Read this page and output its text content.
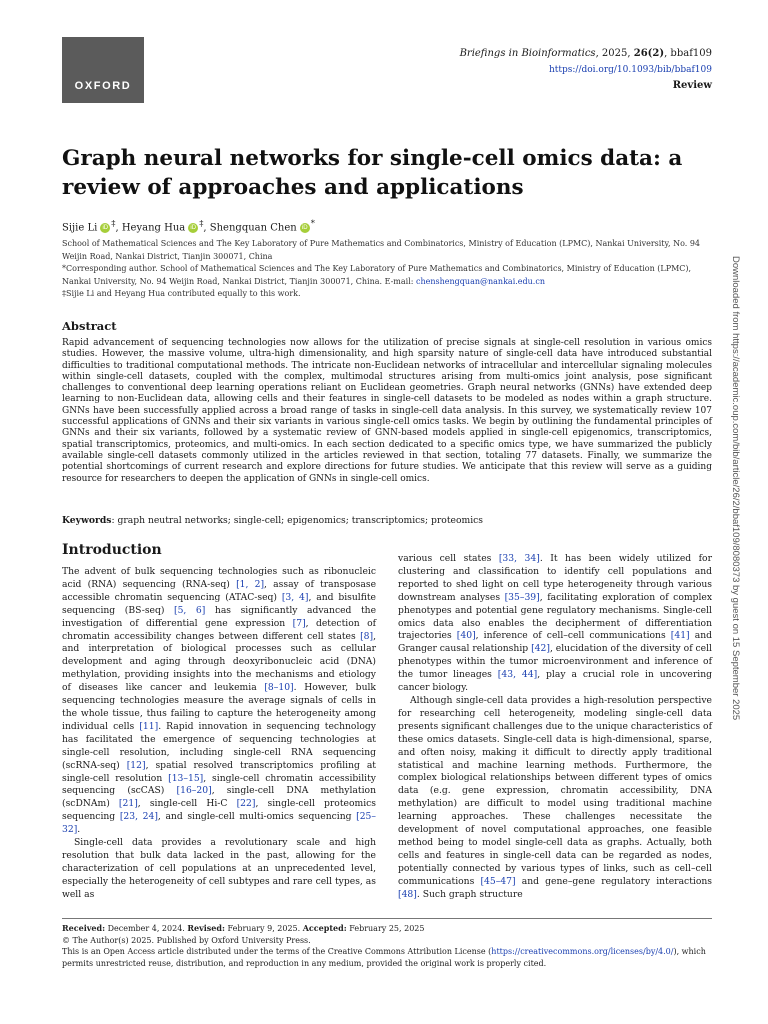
OXFORD
Briefings in Bioinformatics, 2025, 26(2), bbaf109
https://doi.org/10.1093/bib/bbaf109
Review
Graph neural networks for single-cell omics data: a review of approaches and applications
Sijie Li iD ‡, Heyang Hua iD ‡, Shengquan Chen iD *

School of Mathematical Sciences and The Key Laboratory of Pure Mathematics and Combinatorics, Ministry of Education (LPMC), Nankai University, No. 94 Weijin Road, Nankai District, Tianjin 300071, China

*Corresponding author. School of Mathematical Sciences and The Key Laboratory of Pure Mathematics and Combinatorics, Ministry of Education (LPMC), Nankai University, No. 94 Weijin Road, Nankai District, Tianjin 300071, China. E-mail: chenshengquan@nankai.edu.cn

‡Sijie Li and Heyang Hua contributed equally to this work.	Downloaded from https://academic.oup.com/bib/article/26/2/bbaf109/8080373 by guest on 15 September 2025
Abstract

Rapid advancement of sequencing technologies now allows for the utilization of precise signals at single-cell resolution in various omics studies. However, the massive volume, ultra-high dimensionality, and high sparsity nature of single-cell data have introduced substantial difficulties to traditional computational methods. The intricate non-Euclidean networks of intracellular and intercellular signaling molecules within single-cell datasets, coupled with the complex, multimodal structures arising from multi-omics joint analysis, pose significant challenges to conventional deep learning operations reliant on Euclidean geometries. Graph neural networks (GNNs) have extended deep learning to non-Euclidean data, allowing cells and their features in single-cell datasets to be modeled as nodes within a graph structure. GNNs have been successfully applied across a broad range of tasks in single-cell data analysis. In this survey, we systematically review 107 successful applications of GNNs and their six variants in various single-cell omics tasks. We begin by outlining the fundamental principles of GNNs and their six variants, followed by a systematic review of GNN-based models applied in single-cell epigenomics, transcriptomics, spatial transcriptomics, proteomics, and multi-omics. In each section dedicated to a specific omics type, we have summarized the publicly available single-cell datasets commonly utilized in the articles reviewed in that section, totaling 77 datasets. Finally, we summarize the potential shortcomings of current research and explore directions for future studies. We anticipate that this review will serve as a guiding resource for researchers to deepen the application of GNNs in single-cell omics.

Keywords: graph neutral networks; single-cell; epigenomics; transcriptomics; proteomics
Introduction

The advent of bulk sequencing technologies such as ribonucleic acid (RNA) sequencing (RNA-seq) [1, 2], assay of transposase accessible chromatin sequencing (ATAC-seq) [3, 4], and bisulfite sequencing (BS-seq) [5, 6] has significantly advanced the investigation of differential gene expression [7], detection of chromatin accessibility changes between different cell states [8], and interpretation of biological processes such as cellular development and aging through deoxyribonucleic acid (DNA) methylation, providing insights into the mechanisms and etiology of diseases like cancer and leukemia [8–10]. However, bulk sequencing technologies measure the average signals of cells in the whole tissue, thus failing to capture the heterogeneity among individual cells [11]. Rapid innovation in sequencing technology has facilitated the emergence of sequencing technologies at single-cell resolution, including single-cell RNA sequencing (scRNA-seq) [12], spatial resolved transcriptomics profiling at single-cell resolution [13–15], single-cell chromatin accessibility sequencing (scCAS) [16–20], single-cell DNA methylation (scDNAm) [21], single-cell Hi-C [22], single-cell proteomics sequencing [23, 24], and single-cell multi-omics sequencing [25–32].

Single-cell data provides a revolutionary scale and high resolution that bulk data lacked in the past, allowing for the characterization of cell populations at an unprecedented level, especially the heterogeneity of cell subtypes and rare cell types, as well as

various cell states [33, 34]. It has been widely utilized for clustering and classification to identify cell populations and reported to shed light on cell type heterogeneity through various downstream analyses [35–39], facilitating exploration of complex phenotypes and potential gene regulatory mechanisms. Single-cell omics data also enables the decipherment of differentiation trajectories [40], inference of cell–cell communications [41] and Granger causal relationship [42], elucidation of the diversity of cell phenotypes within the tumor microenvironment and inference of the tumor lineages [43, 44], play a crucial role in uncovering cancer biology.

Although single-cell data provides a high-resolution perspective for researching cell heterogeneity, modeling single-cell data presents significant challenges due to the unique characteristics of these omics datasets. Single-cell data is high-dimensional, sparse, and often noisy, making it difficult to directly apply traditional statistical and machine learning methods. Furthermore, the complex biological relationships between different types of omics data (e.g. gene expression, chromatin accessibility, DNA methylation) are difficult to model using traditional machine learning approaches. These challenges necessitate the development of novel computational approaches, one feasible method being to model single-cell data as graphs. Actually, both cells and features in single-cell data can be regarded as nodes, potentially connected by various types of links, such as cell–cell communications [45–47] and gene–gene regulatory interactions [48]. Such graph structure

Received: December 4, 2024. Revised: February 9, 2025. Accepted: February 25, 2025

© The Author(s) 2025. Published by Oxford University Press.

This is an Open Access article distributed under the terms of the Creative Commons Attribution License (https://creativecommons.org/licenses/by/4.0/), which permits unrestricted reuse, distribution, and reproduction in any medium, provided the original work is properly cited.
